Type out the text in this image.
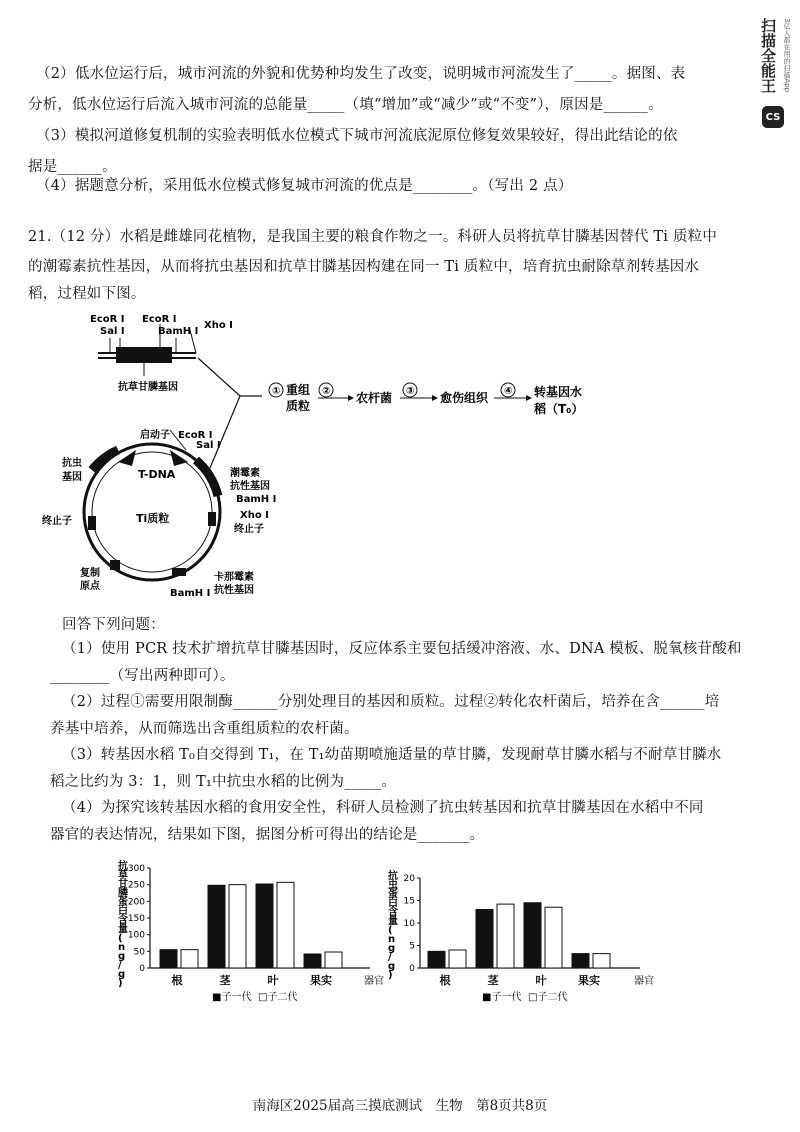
扫描全能王 3亿人都在用的扫描App
CS
（2）低水位运行后，城市河流的外貌和优势种均发生了改变，说明城市河流发生了_____。据图、表
分析，低水位运行后流入城市河流的总能量_____（填“增加”或“减少”或“不变”），原因是______。
（3）模拟河道修复机制的实验表明低水位模式下城市河流底泥原位修复效果较好，得出此结论的依
据是______。
（4）据题意分析，采用低水位模式修复城市河流的优点是________。（写出 2 点）
21.（12 分）水稻是雌雄同花植物，是我国主要的粮食作物之一。科研人员将抗草甘膦基因替代 Ti 质粒中
的潮霉素抗性基因，从而将抗虫基因和抗草甘膦基因构建在同一 Ti 质粒中，培育抗虫耐除草剂转基因水
稻，过程如下图。
EcoR Ⅰ
Sal Ⅰ
EcoR Ⅰ
BamH Ⅰ
Xho Ⅰ
抗草甘膦基因	① 重组
质粒
② 农杆菌 ③ 愈伤组织 ④ 转基因水
稻（T₀）
启动子 EcoR Ⅰ
Sal Ⅰ
T-DNA
Ti质粒
抗虫
基因	潮霉素
抗性基因
BamH Ⅰ
Xho Ⅰ
终止子
终止子
复制
原点
卡那霉素
抗性基因
BamH Ⅰ
回答下列问题：
（1）使用 PCR 技术扩增抗草甘膦基因时，反应体系主要包括缓冲溶液、水、DNA 模板、脱氧核苷酸和
________（写出两种即可）。
（2）过程①需要用限制酶______分别处理目的基因和质粒。过程②转化农杆菌后，培养在含______培
养基中培养，从而筛选出含重组质粒的农杆菌。
（3）转基因水稻 T₀自交得到 T₁，在 T₁幼苗期喷施适量的草甘膦，发现耐草甘膦水稻与不耐草甘膦水
稻之比约为 3：1，则 T₁中抗虫水稻的比例为_____。
（4）为探究该转基因水稻的食用安全性，科研人员检测了抗虫转基因和抗草甘膦基因在水稻中不同
器官的表达情况，结果如下图，据图分析可得出的结论是_______。
抗草甘膦蛋白含量( n g / g )
0
50
100
150
200
250
300
根	茎	叶	果实	器官
■子一代 □子二代
抗虫蛋白含量( n g / g )
0
5
10
15
20
根	茎	叶	果实	器官
■子一代 □子二代
南海区2025届高三摸底测试　生物　第8页共8页
